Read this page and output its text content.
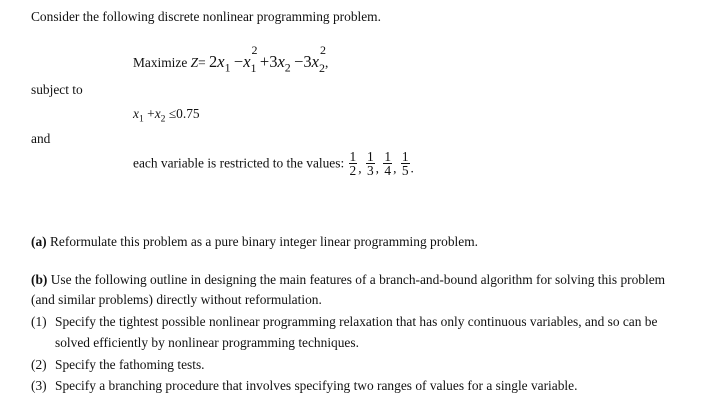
Consider the following discrete nonlinear programming problem.
Maximize $Z= 2x_1 -x$
2
$_1 +3x_2 -3x$
2
$_2$,
subject to
$x_1 +x_2 \le 0.75$
and
each variable is restricted to the values: $\frac{1}{2}$ , $\frac{1}{3}$ , $\frac{1}{4}$ , $\frac{1}{5}$ .
(a) Reformulate this problem as a pure binary integer linear programming problem.
(b) Use the following outline in designing the main features of a branch-and-bound algorithm for solving this problem
(and similar problems) directly without reformulation.
(1) Specify the tightest possible nonlinear programming relaxation that has only continuous variables, and so can be
solved efficiently by nonlinear programming techniques.
(2) Specify the fathoming tests.
(3) Specify a branching procedure that involves specifying two ranges of values for a single variable.
